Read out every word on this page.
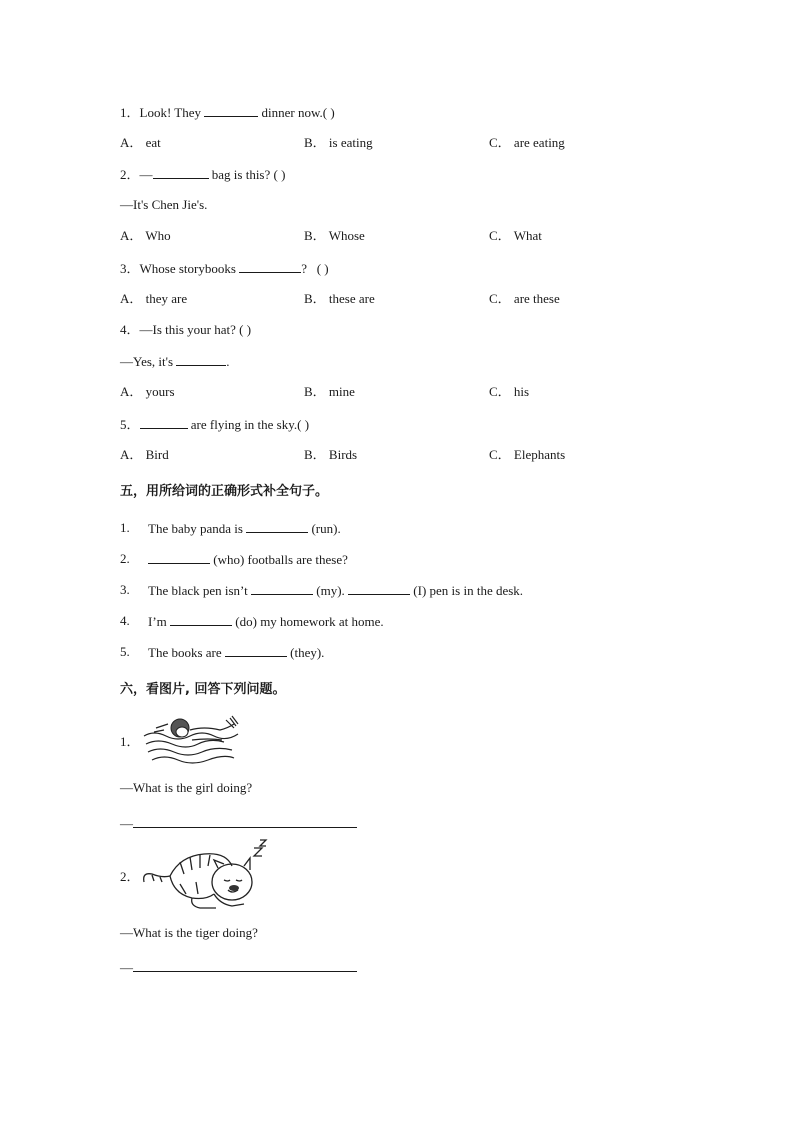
1．Look! They	dinner now.( )
A． eat	B． is eating	C． are eating
2．—	bag is this? ( )
—It's Chen Jie's.
A． Who	B． Whose	C． What
3．Whose storybooks	? ( )
A． they are	B． these are	C． are these
4．—Is this your hat? ( )
—Yes, it's	.
A． yours	B． mine	C． his
5．	are flying in the sky.( )
A． Bird	B． Birds	C． Elephants
五，用所给词的正确形式补全句子。
1.	The baby panda is	(run).
2.	(who) footballs are these?
3.	The black pen isn’t	(my).	(I) pen is in the desk.
4.	I’m	(do) my homework at home.
5.	The books are	(they).
六，看图片, 回答下列问题。
1．
—What is the girl doing?
—
2．
—What is the tiger doing?
—
